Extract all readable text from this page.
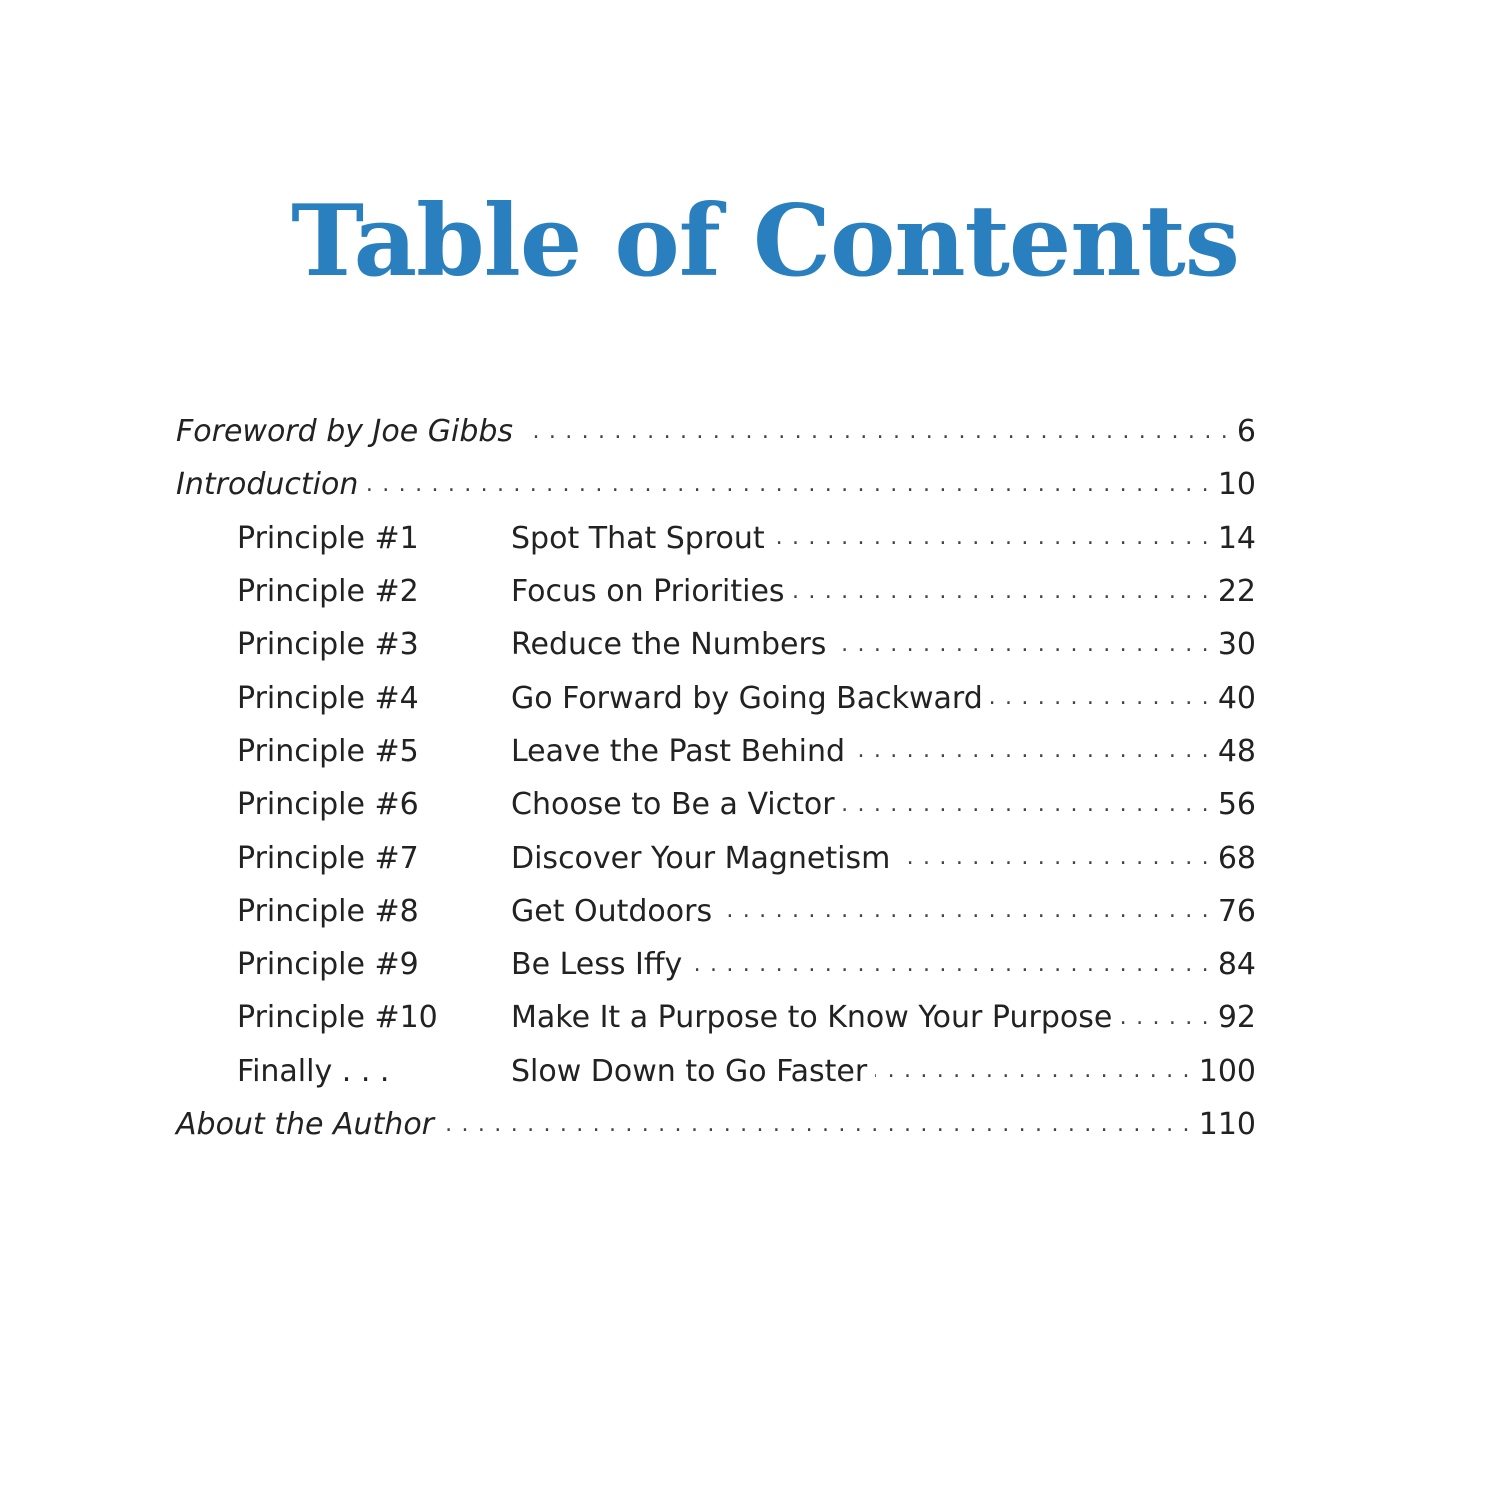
Table of Contents
Foreword by Joe Gibbs . . .	6
Introduction . . .	10
Principle #1	Spot That Sprout . . .	14
Principle #2	Focus on Priorities . . .	22
Principle #3	Reduce the Numbers . . .	30
Principle #4	Go Forward by Going Backward . . .	40
Principle #5	Leave the Past Behind . . .	48
Principle #6	Choose to Be a Victor . . .	56
Principle #7	Discover Your Magnetism . . .	68
Principle #8	Get Outdoors . . .	76
Principle #9	Be Less Iffy . . .	84
Principle #10	Make It a Purpose to Know Your Purpose . . .	92
Finally . . .	Slow Down to Go Faster . . .	100
About the Author . . .	110
